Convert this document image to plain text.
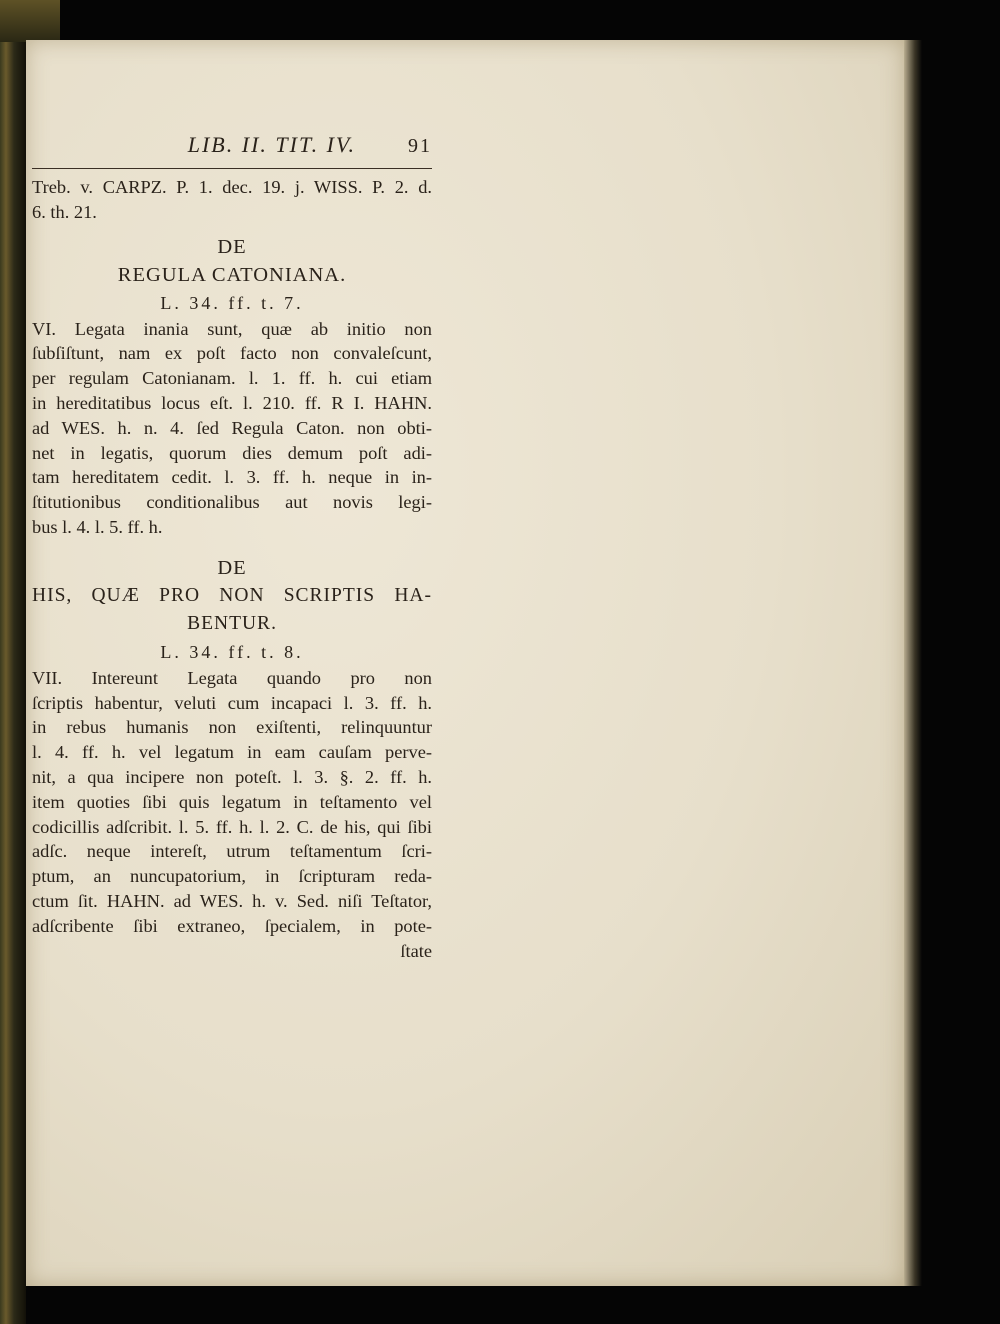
LIB. II. TIT. IV.	91
Treb. v. CARPZ. P. 1. dec. 19. j. WISS. P. 2. d.
6. th. 21.
DE
REGULA CATONIANA.
L. 34. ff. t. 7.
VI. Legata inania sunt, quæ ab initio non
ſubſiſtunt, nam ex poſt facto non convaleſcunt,
per regulam Catonianam. l. 1. ff. h. cui etiam
in hereditatibus locus eſt. l. 210. ff. R I. HAHN.
ad WES. h. n. 4. ſed Regula Caton. non obti-
net in legatis, quorum dies demum poſt adi-
tam hereditatem cedit. l. 3. ff. h. neque in in-
ſtitutionibus conditionalibus aut novis legi-
bus l. 4. l. 5. ff. h.
DE
HIS, QUÆ PRO NON SCRIPTIS HA-
BENTUR.
L. 34. ff. t. 8.
VII. Intereunt Legata quando pro non
ſcriptis habentur, veluti cum incapaci l. 3. ff. h.
in rebus humanis non exiſtenti, relinquuntur
l. 4. ff. h. vel legatum in eam cauſam perve-
nit, a qua incipere non poteſt. l. 3. §. 2. ff. h.
item quoties ſibi quis legatum in teſtamento vel
codicillis adſcribit. l. 5. ff. h. l. 2. C. de his, qui ſibi
adſc. neque intereſt, utrum teſtamentum ſcri-
ptum, an nuncupatorium, in ſcripturam reda-
ctum ſit. HAHN. ad WES. h. v. Sed. niſi Teſtator,
adſcribente ſibi extraneo, ſpecialem, in pote-
ſtate
